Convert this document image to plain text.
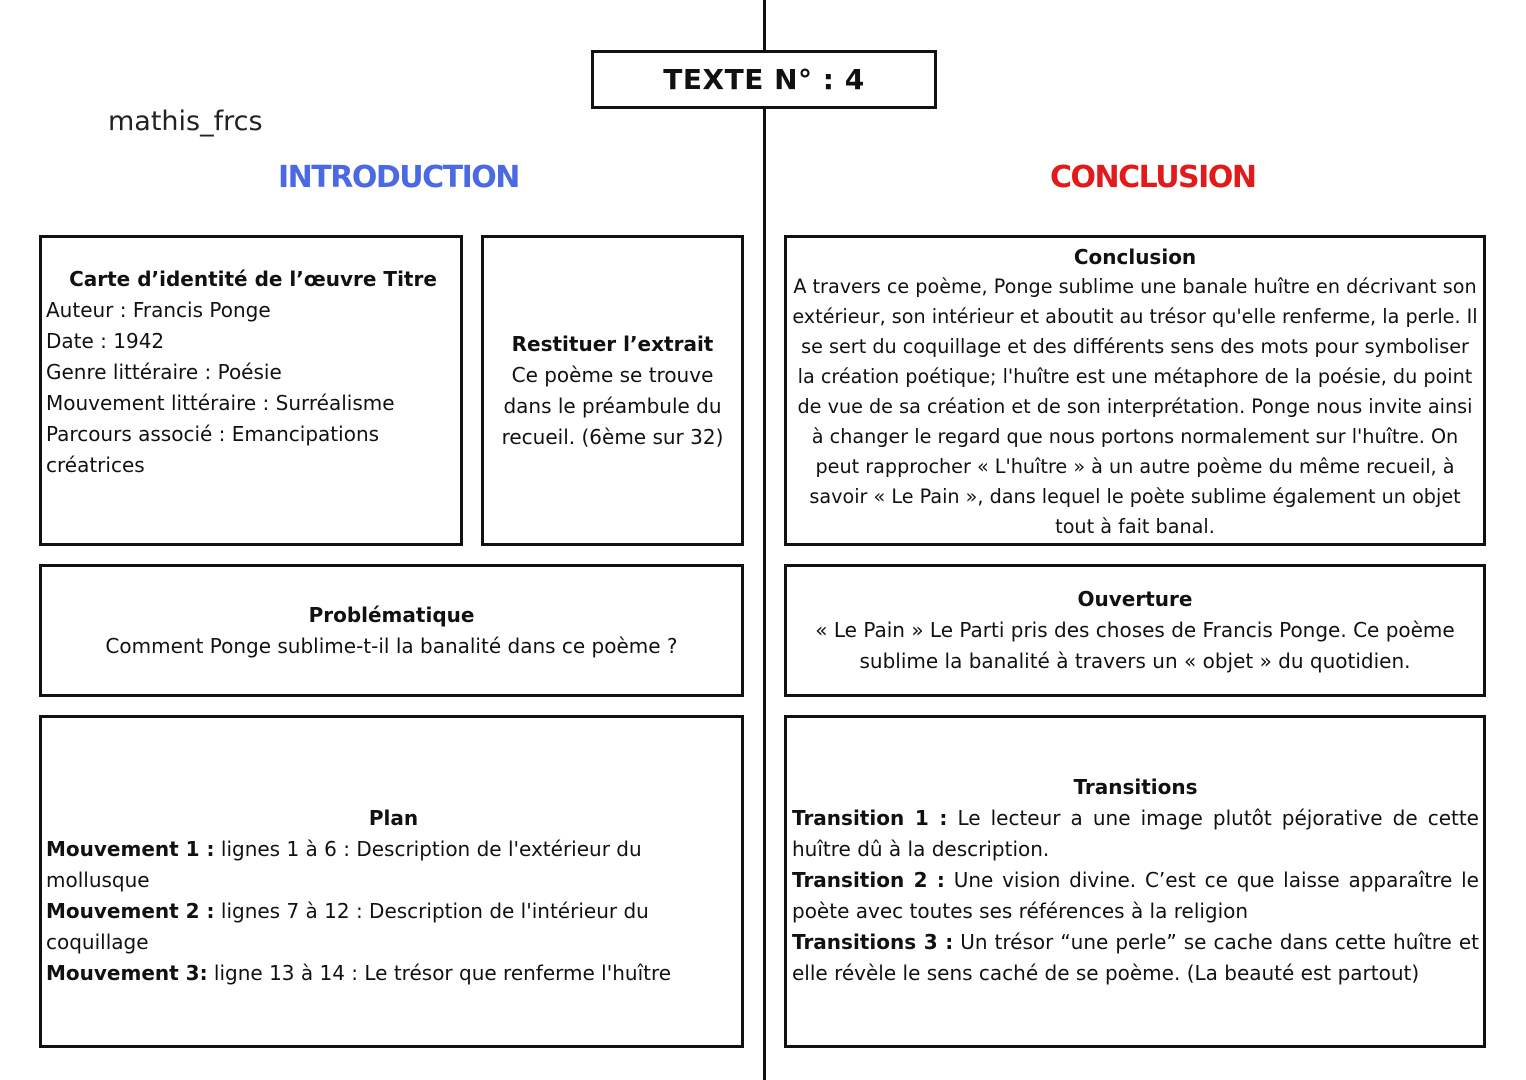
TEXTE N° : 4
mathis_frcs
INTRODUCTION	CONCLUSION

Carte d’identité de l’œuvre Titre

Auteur : Francis Ponge

Date : 1942

Genre littéraire : Poésie

Mouvement littéraire : Surréalisme

Parcours associé : Emancipations créatrices

Restituer l’extrait

Ce poème se trouve dans le préambule du recueil. (6ème sur 32)

Problématique

Comment Ponge sublime-t-il la banalité dans ce poème ?

Plan

Mouvement 1 : lignes 1 à 6 : Description de l'extérieur du mollusque

Mouvement 2 : lignes 7 à 12 : Description de l'intérieur du coquillage

Mouvement 3: ligne 13 à 14 : Le trésor que renferme l'huître

Conclusion

A travers ce poème, Ponge sublime une banale huître en décrivant son extérieur, son intérieur et aboutit au trésor qu'elle renferme, la perle. Il se sert du coquillage et des différents sens des mots pour symboliser la création poétique; l'huître est une métaphore de la poésie, du point de vue de sa création et de son interprétation. Ponge nous invite ainsi à changer le regard que nous portons normalement sur l'huître. On peut rapprocher « L'huître » à un autre poème du même recueil, à savoir « Le Pain », dans lequel le poète sublime également un objet tout à fait banal.

Ouverture

« Le Pain » Le Parti pris des choses de Francis Ponge. Ce poème sublime la banalité à travers un « objet » du quotidien.

Transitions

Transition 1 : Le lecteur a une image plutôt péjorative de cette huître dû à la description.

Transition 2 : Une vision divine. C’est ce que laisse apparaître le poète avec toutes ses références à la religion

Transitions 3 : Un trésor “une perle” se cache dans cette huître et elle révèle le sens caché de se poème. (La beauté est partout)
